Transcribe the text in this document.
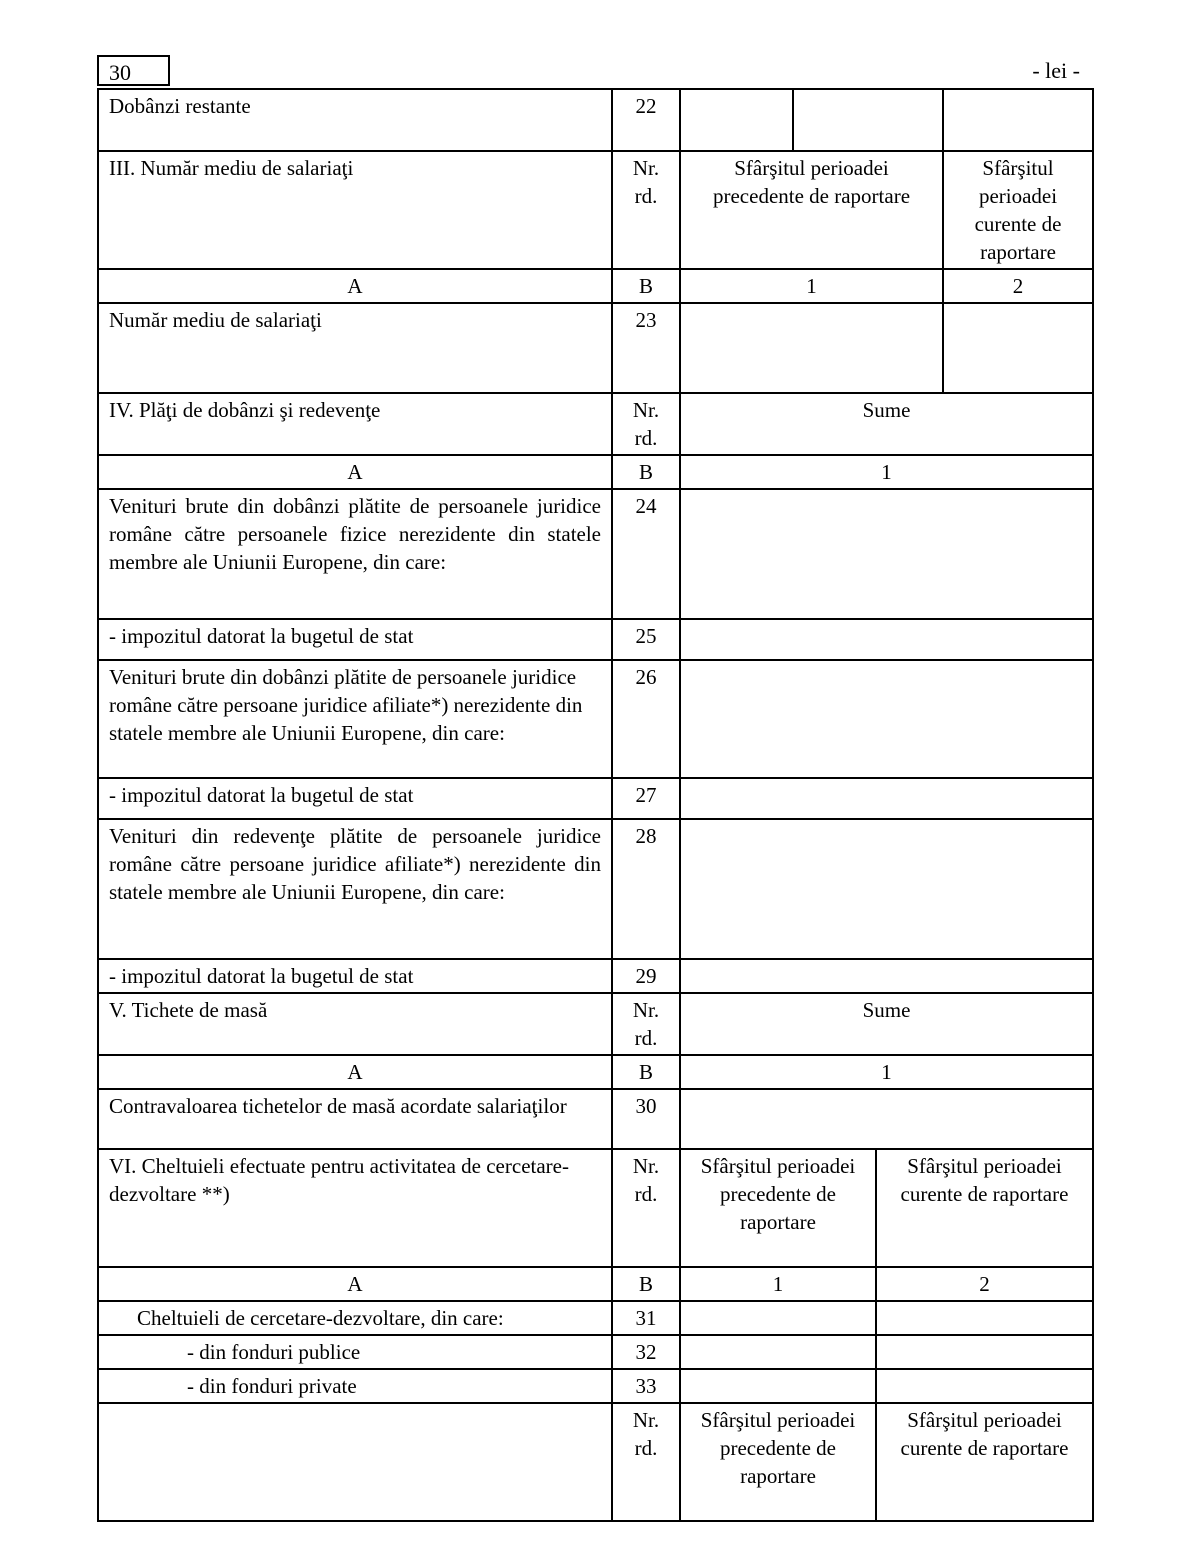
30	- lei -
Dobânzi restante	22				
III. Număr mediu de salariaţi	Nr. rd.	Sfârşitul perioadei precedente de raportare			Sfârşitul perioadei curente de raportare
A	B	1			2
Număr mediu de salariaţi	23				
IV. Plăţi de dobânzi şi redevenţe	Nr. rd.	Sume			
A	B	1			
Venituri brute din dobânzi plătite de persoanele juridice române către persoanele fizice nerezidente din statele membre ale Uniunii Europene, din care:	24				
- impozitul datorat la bugetul de stat	25				
Venituri brute din dobânzi plătite de persoanele juridice române către persoane juridice afiliate*) nerezidente din statele membre ale Uniunii Europene, din care:	26				
- impozitul datorat la bugetul de stat	27				
Venituri din redevenţe plătite de persoanele juridice române către persoane juridice afiliate*) nerezidente din statele membre ale Uniunii Europene, din care:	28				
- impozitul datorat la bugetul de stat	29				
V. Tichete de masă	Nr. rd.	Sume			
A	B	1			
Contravaloarea tichetelor de masă acordate salariaţilor	30				
VI. Cheltuieli efectuate pentru activitatea de cercetare-dezvoltare **)	Nr. rd.	Sfârşitul perioadei precedente de raportare		Sfârşitul perioadei curente de raportare	
A	B	1		2	
Cheltuieli de cercetare-dezvoltare, din care:	31				
- din fonduri publice	32				
- din fonduri private	33				
	Nr. rd.	Sfârşitul perioadei precedente de raportare		Sfârşitul perioadei curente de raportare	
